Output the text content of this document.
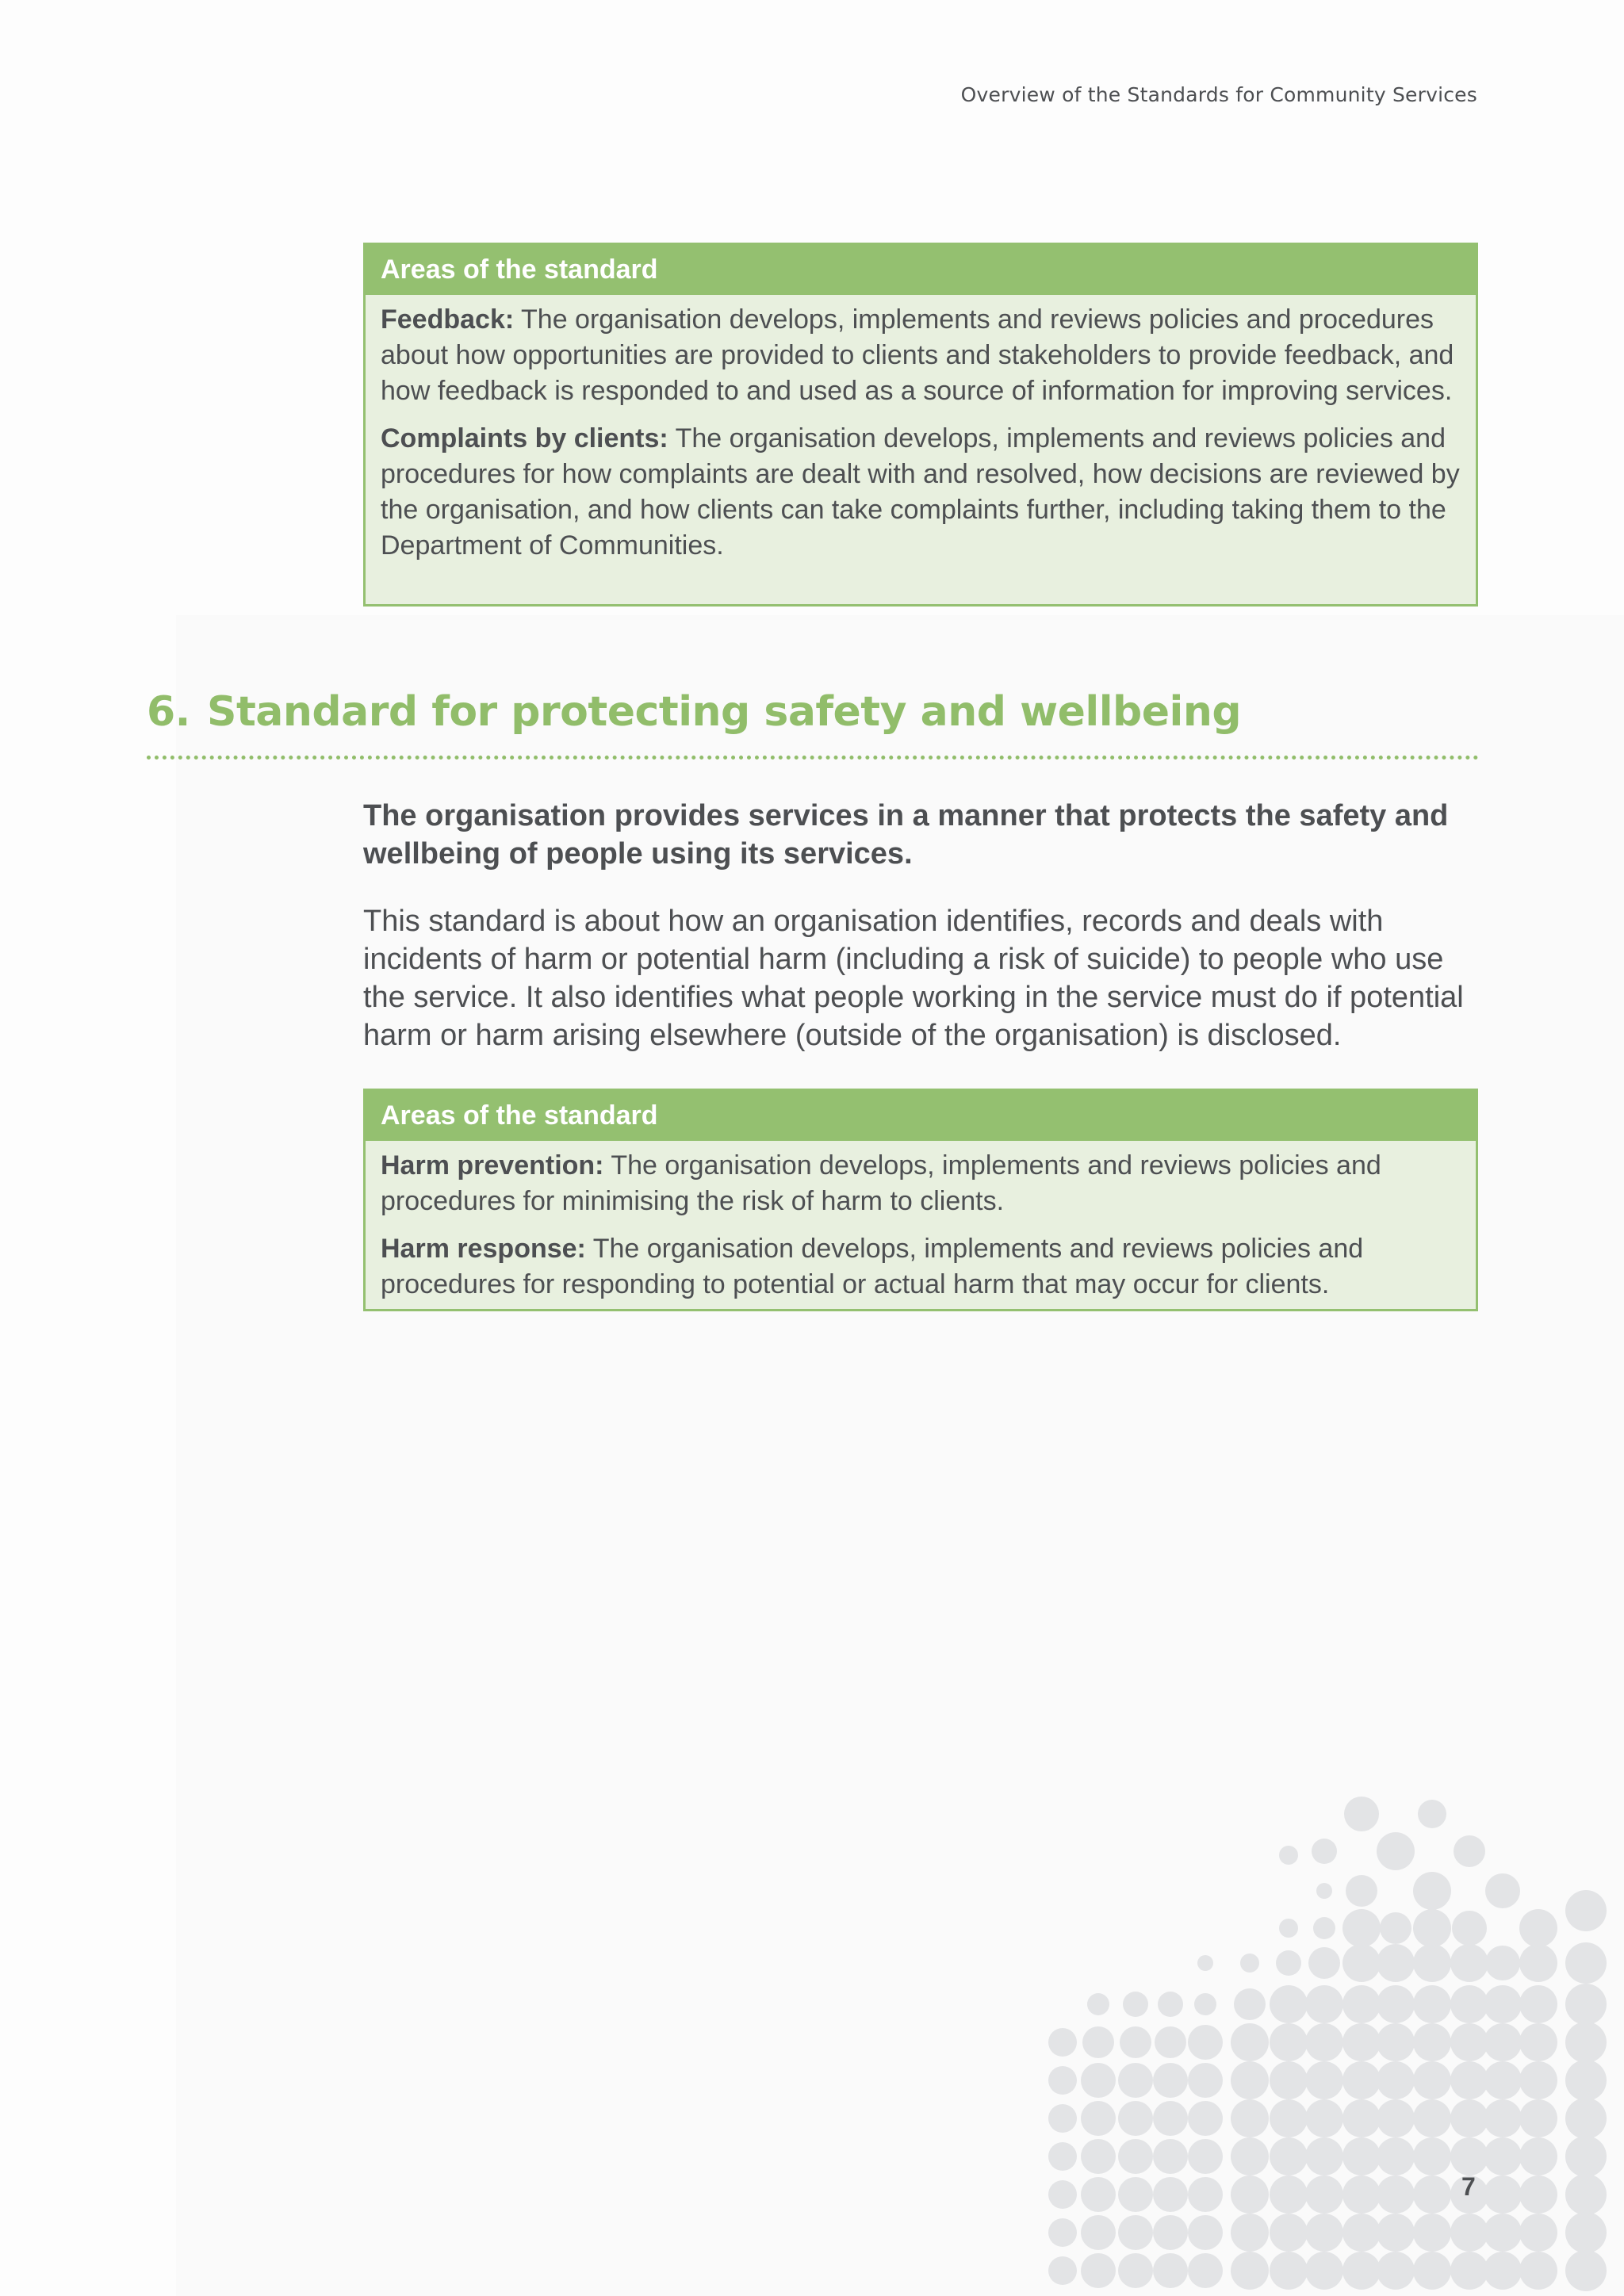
Overview of the Standards for Community Services
Areas of the standard

Feedback: The organisation develops, implements and reviews policies and procedures about how opportunities are provided to clients and stakeholders to provide feedback, and how feedback is responded to and used as a source of information for improving services.

Complaints by clients: The organisation develops, implements and reviews policies and procedures for how complaints are dealt with and resolved, how decisions are reviewed by the organisation, and how clients can take complaints further, including taking them to the Department of Communities.

6. Standard for protecting safety and wellbeing
The organisation provides services in a manner that protects the safety and wellbeing of people using its services.
This standard is about how an organisation identifies, records and deals with incidents of harm or potential harm (including a risk of suicide) to people who use the service. It also identifies what people working in the service must do if potential harm or harm arising elsewhere (outside of the organisation) is disclosed.
Areas of the standard

Harm prevention: The organisation develops, implements and reviews policies and procedures for minimising the risk of harm to clients.

Harm response: The organisation develops, implements and reviews policies and procedures for responding to potential or actual harm that may occur for clients.

7
